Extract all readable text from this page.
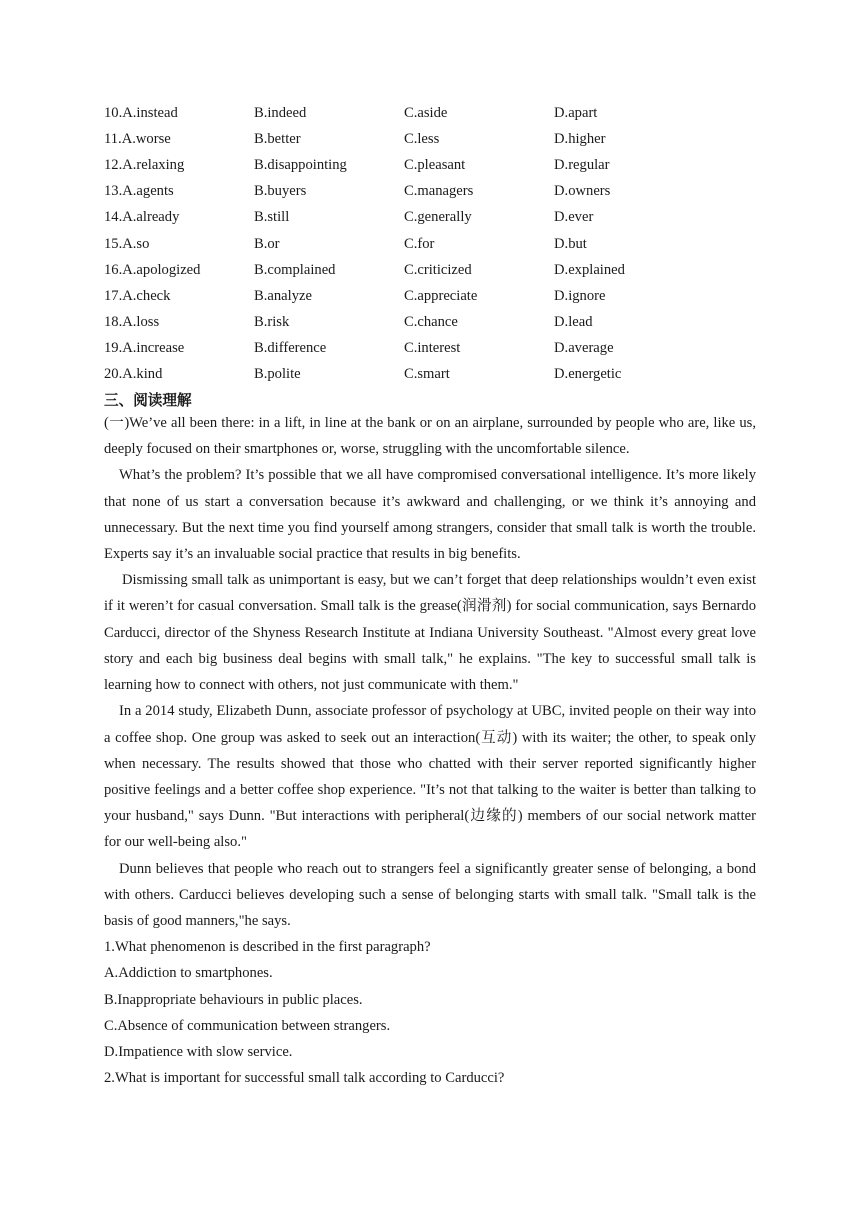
10.A.instead	B.indeed	C.aside	D.apart
11.A.worse	B.better	C.less	D.higher
12.A.relaxing	B.disappointing	C.pleasant	D.regular
13.A.agents	B.buyers	C.managers	D.owners
14.A.already	B.still	C.generally	D.ever
15.A.so	B.or	C.for	D.but
16.A.apologized	B.complained	C.criticized	D.explained
17.A.check	B.analyze	C.appreciate	D.ignore
18.A.loss	B.risk	C.chance	D.lead
19.A.increase	B.difference	C.interest	D.average
20.A.kind	B.polite	C.smart	D.energetic
三、阅读理解

(一)We’ve all been there: in a lift, in line at the bank or on an airplane, surrounded by people who are, like us, deeply focused on their smartphones or, worse, struggling with the uncomfortable silence.

What’s the problem? It’s possible that we all have compromised conversational intelligence. It’s more likely that none of us start a conversation because it’s awkward and challenging, or we think it’s annoying and unnecessary. But the next time you find yourself among strangers, consider that small talk is worth the trouble. Experts say it’s an invaluable social practice that results in big benefits.

Dismissing small talk as unimportant is easy, but we can’t forget that deep relationships wouldn’t even exist if it weren’t for casual conversation. Small talk is the grease(润滑剂) for social communication, says Bernardo Carducci, director of the Shyness Research Institute at Indiana University Southeast. "Almost every great love story and each big business deal begins with small talk," he explains. "The key to successful small talk is learning how to connect with others, not just communicate with them."

In a 2014 study, Elizabeth Dunn, associate professor of psychology at UBC, invited people on their way into a coffee shop. One group was asked to seek out an interaction(互动) with its waiter; the other, to speak only when necessary. The results showed that those who chatted with their server reported significantly higher positive feelings and a better coffee shop experience. "It’s not that talking to the waiter is better than talking to your husband," says Dunn. "But interactions with peripheral(边缘的) members of our social network matter for our well-being also."

Dunn believes that people who reach out to strangers feel a significantly greater sense of belonging, a bond with others. Carducci believes developing such a sense of belonging starts with small talk. "Small talk is the basis of good manners,"he says.

1.What phenomenon is described in the first paragraph?
A.Addiction to smartphones.
B.Inappropriate behaviours in public places.
C.Absence of communication between strangers.
D.Impatience with slow service.
2.What is important for successful small talk according to Carducci?
